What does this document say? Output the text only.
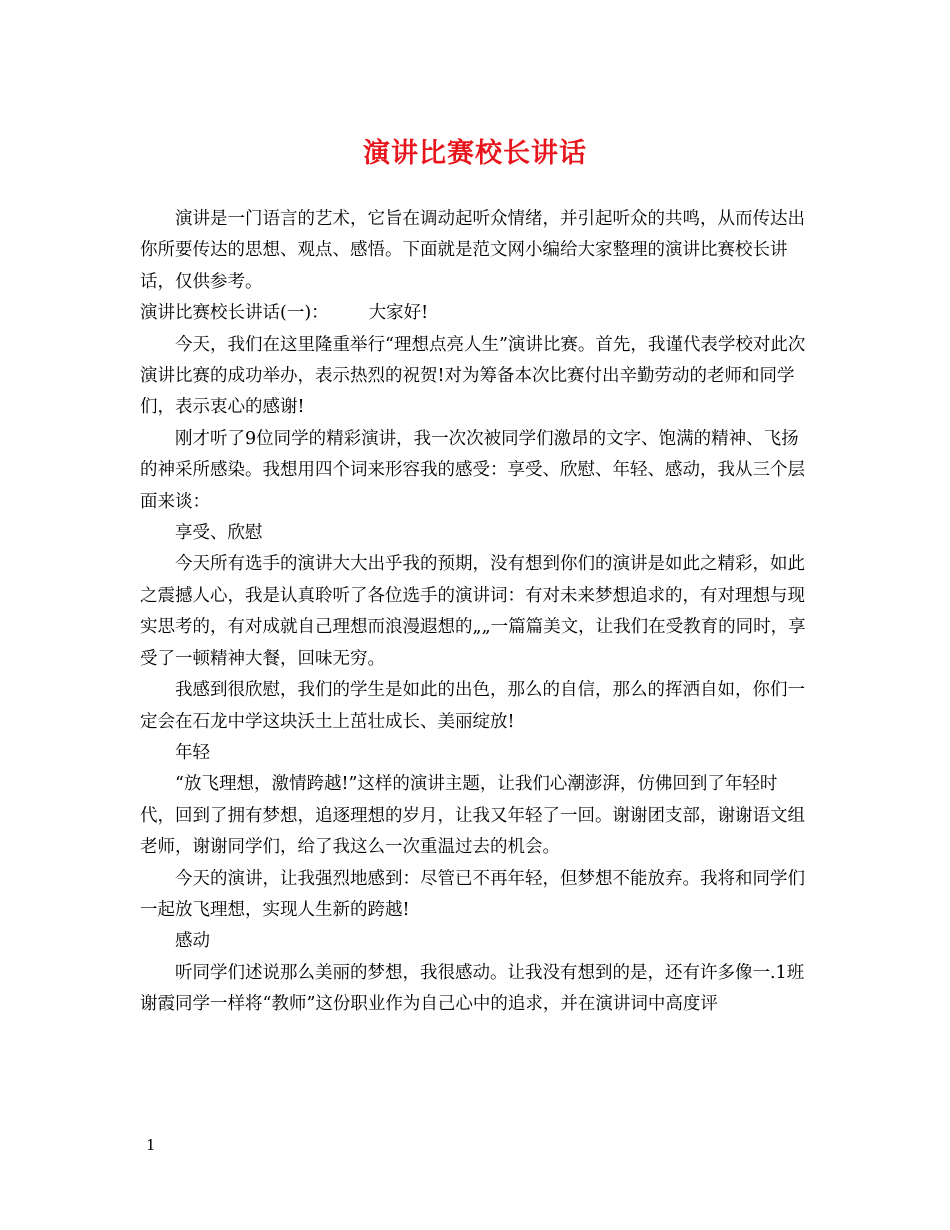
演讲比赛校长讲话

演讲是一门语言的艺术，它旨在调动起听众情绪，并引起听众的共鸣，从而传达出你所要传达的思想、观点、感悟。下面就是范文网小编给大家整理的演讲比赛校长讲话，仅供参考。

演讲比赛校长讲话(一)： 大家好!

今天，我们在这里隆重举行“理想点亮人生”演讲比赛。首先，我谨代表学校对此次演讲比赛的成功举办，表示热烈的祝贺!对为筹备本次比赛付出辛勤劳动的老师和同学们，表示衷心的感谢!

刚才听了9位同学的精彩演讲，我一次次被同学们激昂的文字、饱满的精神、飞扬的神采所感染。我想用四个词来形容我的感受：享受、欣慰、年轻、感动，我从三个层面来谈：

享受、欣慰

今天所有选手的演讲大大出乎我的预期，没有想到你们的演讲是如此之精彩，如此之震撼人心，我是认真聆听了各位选手的演讲词：有对未来梦想追求的，有对理想与现实思考的，有对成就自己理想而浪漫遐想的„„一篇篇美文，让我们在受教育的同时，享受了一顿精神大餐，回味无穷。

我感到很欣慰，我们的学生是如此的出色，那么的自信，那么的挥洒自如，你们一定会在石龙中学这块沃土上茁壮成长、美丽绽放!

年轻

“放飞理想，激情跨越!”这样的演讲主题，让我们心潮澎湃，仿佛回到了年轻时代，回到了拥有梦想，追逐理想的岁月，让我又年轻了一回。谢谢团支部，谢谢语文组老师，谢谢同学们，给了我这么一次重温过去的机会。

今天的演讲，让我强烈地感到：尽管已不再年轻，但梦想不能放弃。我将和同学们一起放飞理想，实现人生新的跨越!

感动

听同学们述说那么美丽的梦想，我很感动。让我没有想到的是，还有许多像一.1班谢霞同学一样将“教师”这份职业作为自己心中的追求，并在演讲词中高度评

1
